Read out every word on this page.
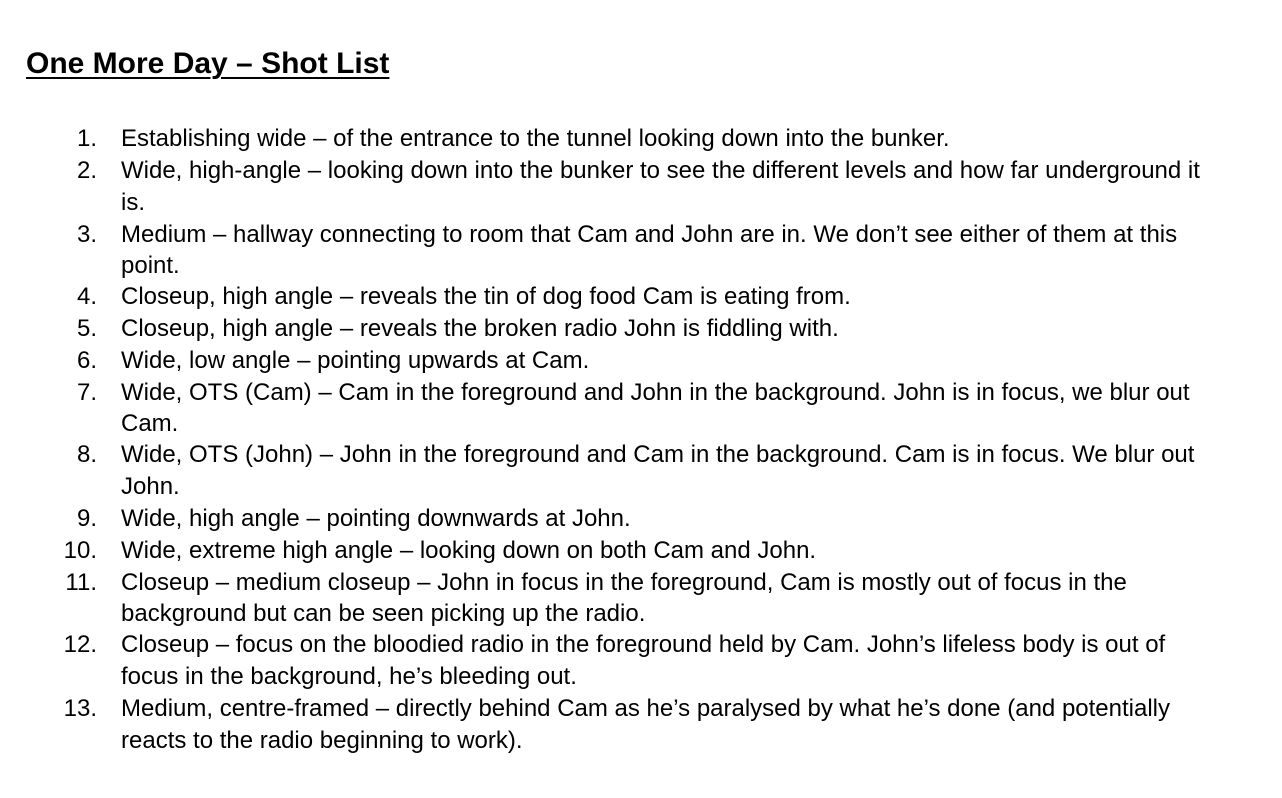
One More Day – Shot List
1. Establishing wide – of the entrance to the tunnel looking down into the bunker.
2. Wide, high-angle – looking down into the bunker to see the different levels and how far underground it is.
3. Medium – hallway connecting to room that Cam and John are in. We don’t see either of them at this point.
4. Closeup, high angle – reveals the tin of dog food Cam is eating from.
5. Closeup, high angle – reveals the broken radio John is fiddling with.
6. Wide, low angle – pointing upwards at Cam.
7. Wide, OTS (Cam) – Cam in the foreground and John in the background. John is in focus, we blur out Cam.
8. Wide, OTS (John) – John in the foreground and Cam in the background. Cam is in focus. We blur out John.
9. Wide, high angle – pointing downwards at John.
10. Wide, extreme high angle – looking down on both Cam and John.
11. Closeup – medium closeup – John in focus in the foreground, Cam is mostly out of focus in the background but can be seen picking up the radio.
12. Closeup – focus on the bloodied radio in the foreground held by Cam. John’s lifeless body is out of focus in the background, he’s bleeding out.
13. Medium, centre-framed – directly behind Cam as he’s paralysed by what he’s done (and potentially reacts to the radio beginning to work).
